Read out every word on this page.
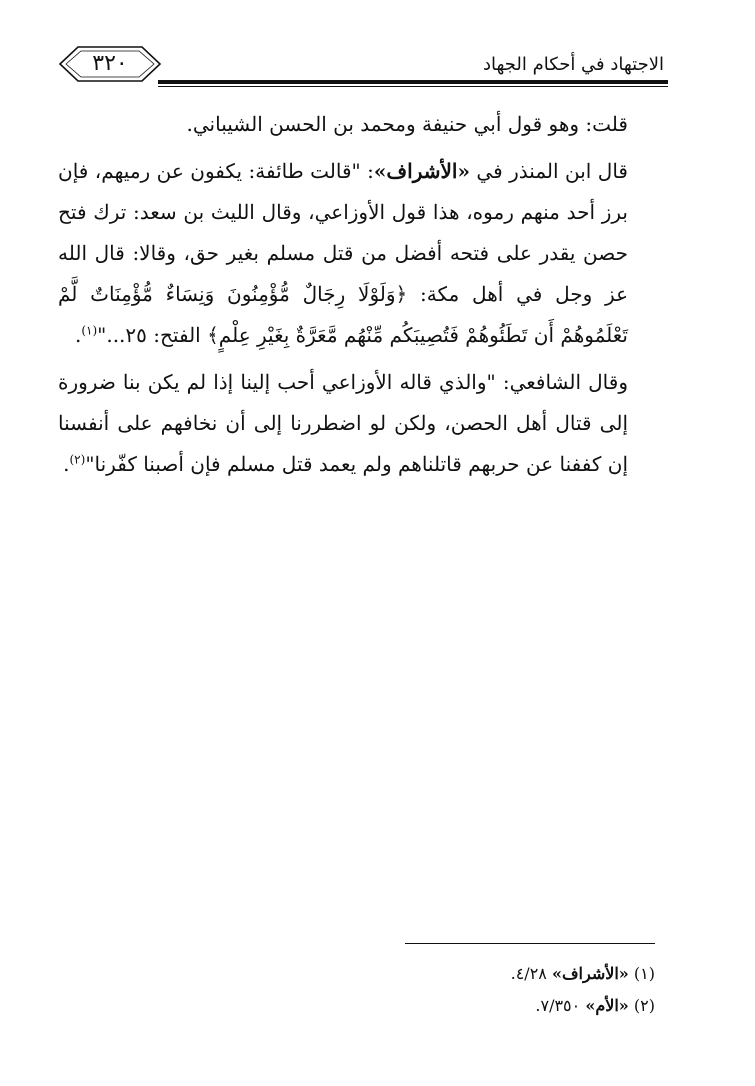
الاجتهاد في أحكام الجهاد
٣٢٠

قلت: وهو قول أبي حنيفة ومحمد بن الحسن الشيباني.

قال ابن المنذر في «الأشراف»: "قالت طائفة: يكفون عن رميهم، فإن برز أحد منهم رموه، هذا قول الأوزاعي، وقال الليث بن سعد: ترك فتح حصن يقدر على فتحه أفضل من قتل مسلم بغير حق، وقالا: قال الله عز وجل في أهل مكة: ﴿وَلَوْلَا رِجَالٌ مُّؤْمِنُونَ وَنِسَاءٌ مُّؤْمِنَاتٌ لَّمْ تَعْلَمُوهُمْ أَن تَطَئُوهُمْ فَتُصِيبَكُم مِّنْهُم مَّعَرَّةٌ بِغَيْرِ عِلْمٍ﴾ الفتح: ٢٥..."$^{(١)}$.

وقال الشافعي: "والذي قاله الأوزاعي أحب إلينا إذا لم يكن بنا ضرورة إلى قتال أهل الحصن، ولكن لو اضطررنا إلى أن نخافهم على أنفسنا إن كففنا عن حربهم قاتلناهم ولم يعمد قتل مسلم فإن أصبنا كفّرنا"$^{(٢)}$.

(١) «الأشراف» ٤/٢٨.

(٢) «الأم» ٧/٣٥٠.
